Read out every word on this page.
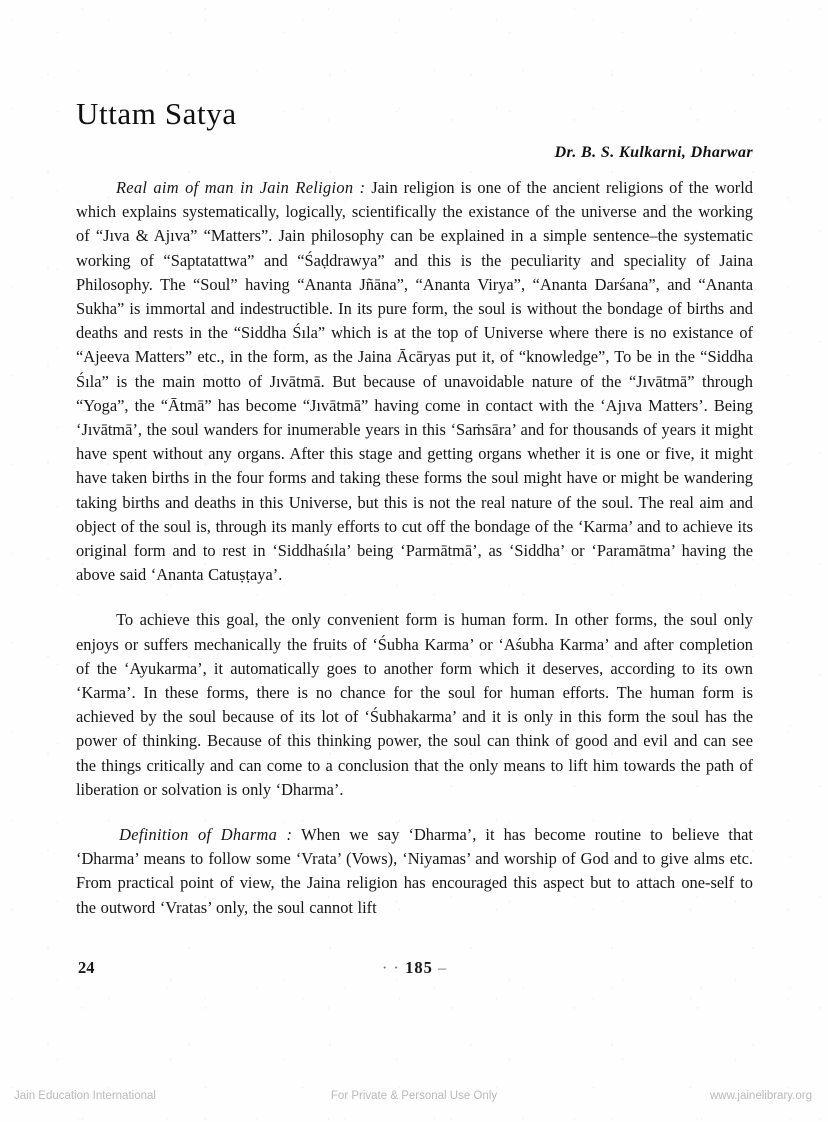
Uttam Satya
Dr. B. S. Kulkarni, Dharwar

Real aim of man in Jain Religion : Jain religion is one of the ancient religions of the world which explains systematically, logically, scientifically the existance of the universe and the working of “Jıva & Ajıva” “Matters”. Jain philosophy can be explained in a simple sentence–the systematic working of “Saptatattwa” and “Śaḍdrawya” and this is the peculiarity and speciality of Jaina Philosophy. The “Soul” having “Ananta Jñāna”, “Ananta Virya”, “Ananta Darśana”, and “Ananta Sukha” is immortal and indestructible. In its pure form, the soul is without the bondage of births and deaths and rests in the “Siddha Śıla” which is at the top of Universe where there is no existance of “Ajeeva Matters” etc., in the form, as the Jaina Ācāryas put it, of “knowledge”, To be in the “Siddha Śıla” is the main motto of Jıvātmā. But because of unavoidable nature of the “Jıvātmā” through “Yoga”, the “Ātmā” has become “Jıvātmā” having come in contact with the ‘Ajıva Matters’. Being ‘Jıvātmā’, the soul wanders for inumerable years in this ‘Saṁsāra’ and for thousands of years it might have spent without any organs. After this stage and getting organs whether it is one or five, it might have taken births in the four forms and taking these forms the soul might have or might be wandering taking births and deaths in this Universe, but this is not the real nature of the soul. The real aim and object of the soul is, through its manly efforts to cut off the bondage of the ‘Karma’ and to achieve its original form and to rest in ‘Siddhaśıla’ being ‘Parmātmā’, as ‘Siddha’ or ‘Paramātma’ having the above said ‘Ananta Catuṣṭaya’.

To achieve this goal, the only convenient form is human form. In other forms, the soul only enjoys or suffers mechanically the fruits of ‘Śubha Karma’ or ‘Aśubha Karma’ and after completion of the ‘Ayukarma’, it automatically goes to another form which it deserves, according to its own ‘Karma’. In these forms, there is no chance for the soul for human efforts. The human form is achieved by the soul because of its lot of ‘Śubhakarma’ and it is only in this form the soul has the power of thinking. Because of this thinking power, the soul can think of good and evil and can see the things critically and can come to a conclusion that the only means to lift him towards the path of liberation or solvation is only ‘Dharma’.

Definition of Dharma : When we say ‘Dharma’, it has become routine to believe that ‘Dharma’ means to follow some ‘Vrata’ (Vows), ‘Niyamas’ and worship of God and to give alms etc. From practical point of view, the Jaina religion has encouraged this aspect but to attach one-self to the outword ‘Vratas’ only, the soul cannot lift

24	· · 185 –
Jain Education International	For Private & Personal Use Only	www.jainelibrary.org
